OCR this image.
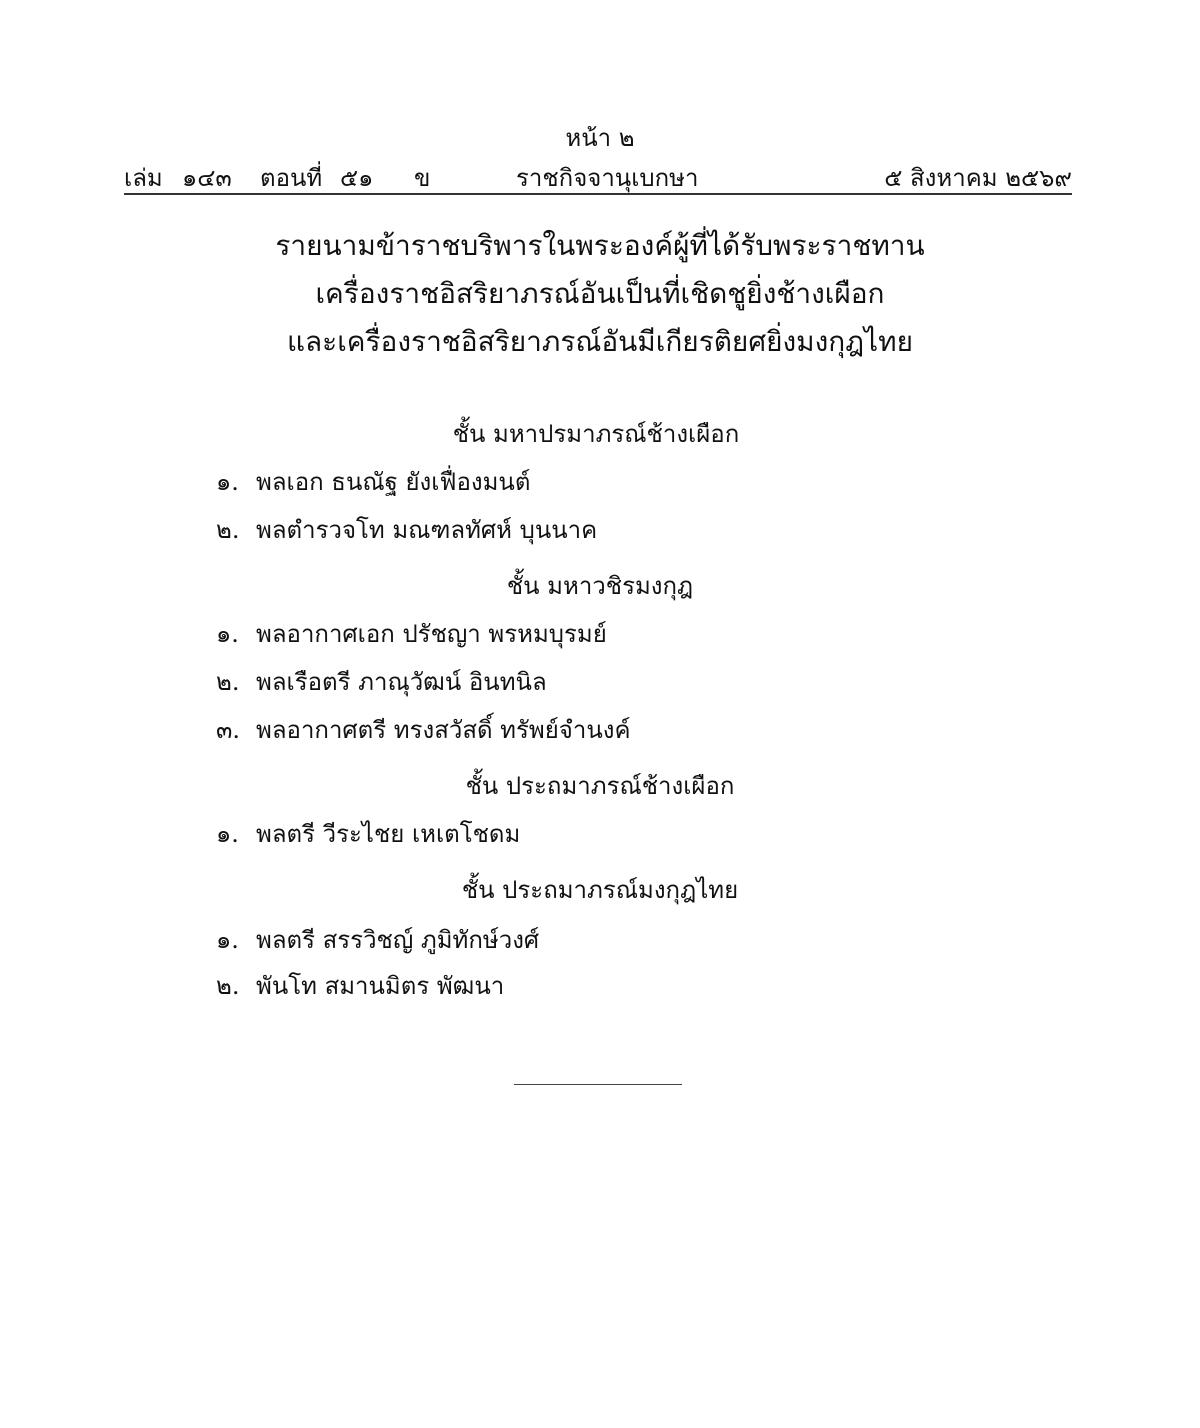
หน้า ๒
เล่ม ๑๔๓ ตอนที่ ๕๑ ข	ราชกิจจานุเบกษา	๕ สิงหาคม ๒๕๖๙
รายนามข้าราชบริพารในพระองค์ผู้ที่ได้รับพระราชทาน
เครื่องราชอิสริยาภรณ์อันเป็นที่เชิดชูยิ่งช้างเผือก
และเครื่องราชอิสริยาภรณ์อันมีเกียรติยศยิ่งมงกุฎไทย
ชั้น มหาปรมาภรณ์ช้างเผือก
๑. พลเอก ธนณัฐ ยังเฟื่องมนต์
๒. พลตำรวจโท มณฑลทัศห์ บุนนาค
ชั้น มหาวชิรมงกุฎ
๑. พลอากาศเอก ปรัชญา พรหมบุรมย์
๒. พลเรือตรี ภาณุวัฒน์ อินทนิล
๓. พลอากาศตรี ทรงสวัสดิ์ ทรัพย์จำนงค์
ชั้น ประถมาภรณ์ช้างเผือก
๑. พลตรี วีระไชย เหเตโชดม
ชั้น ประถมาภรณ์มงกุฎไทย
๑. พลตรี สรรวิชญ์ ภูมิทักษ์วงศ์
๒. พันโท สมานมิตร พัฒนา
